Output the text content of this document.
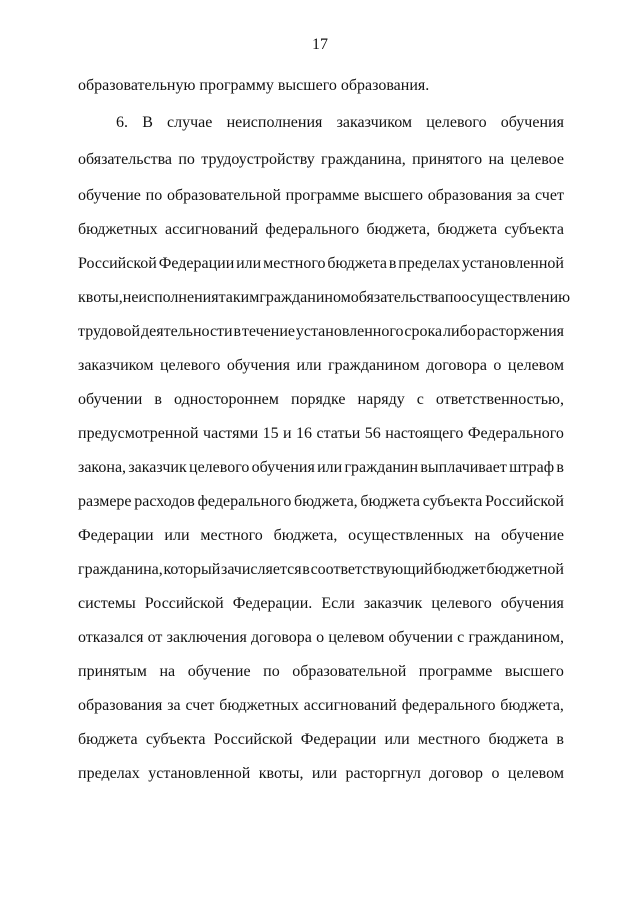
17
образовательную программу высшего образования.
6. В случае неисполнения заказчиком целевого обучения
обязательства по трудоустройству гражданина, принятого на целевое
обучение по образовательной программе высшего образования за счет
бюджетных ассигнований федерального бюджета, бюджета субъекта
Российской Федерации или местного бюджета в пределах установленной
квоты, неисполнения таким гражданином обязательства по осуществлению
трудовой деятельности в течение установленного срока либо расторжения
заказчиком целевого обучения или гражданином договора о целевом
обучении в одностороннем порядке наряду с ответственностью,
предусмотренной частями 15 и 16 статьи 56 настоящего Федерального
закона, заказчик целевого обучения или гражданин выплачивает штраф в
размере расходов федерального бюджета, бюджета субъекта Российской
Федерации или местного бюджета, осуществленных на обучение
гражданина, который зачисляется в соответствующий бюджет бюджетной
системы Российской Федерации. Если заказчик целевого обучения
отказался от заключения договора о целевом обучении с гражданином,
принятым на обучение по образовательной программе высшего
образования за счет бюджетных ассигнований федерального бюджета,
бюджета субъекта Российской Федерации или местного бюджета в
пределах установленной квоты, или расторгнул договор о целевом
